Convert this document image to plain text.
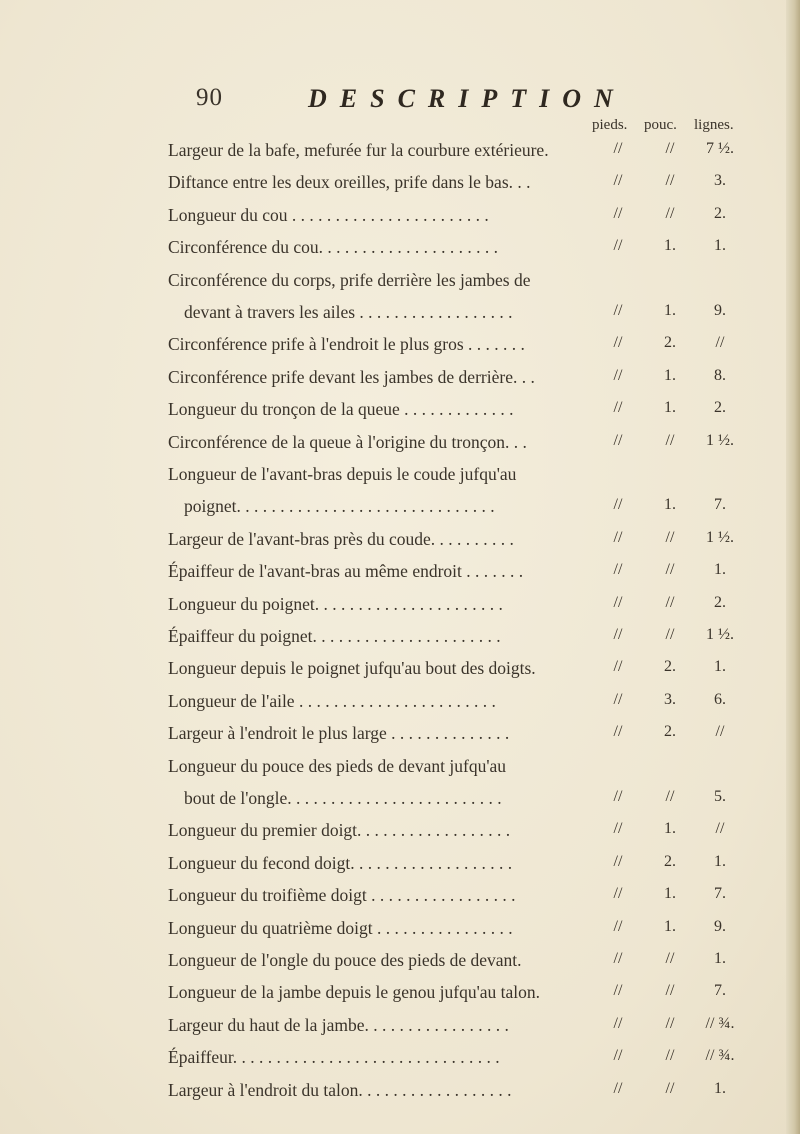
90	DESCRIPTION
pieds. pouc. lignes.
Largeur de la bafe, mefurée fur la courbure extérieure.	//	//	7 ½.
Diftance entre les deux oreilles, prife dans le bas. . .	//	//	3.
Longueur du cou . . . . . . . . . . . . . . . . . . . . . . .	//	//	2.
Circonférence du cou. . . . . . . . . . . . . . . . . . . . .	//	1.	1.
Circonférence du corps, prife derrière les jambes de
devant à travers les ailes . . . . . . . . . . . . . . . . . .	//	1.	9.
Circonférence prife à l'endroit le plus gros . . . . . . .	//	2.	//
Circonférence prife devant les jambes de derrière. . .	//	1.	8.
Longueur du tronçon de la queue . . . . . . . . . . . . .	//	1.	2.
Circonférence de la queue à l'origine du tronçon. . .	//	//	1 ½.
Longueur de l'avant-bras depuis le coude jufqu'au
poignet. . . . . . . . . . . . . . . . . . . . . . . . . . . . . .	//	1.	7.
Largeur de l'avant-bras près du coude. . . . . . . . . .	//	//	1 ½.
Épaiffeur de l'avant-bras au même endroit . . . . . . .	//	//	1.
Longueur du poignet. . . . . . . . . . . . . . . . . . . . . .	//	//	2.
Épaiffeur du poignet. . . . . . . . . . . . . . . . . . . . . .	//	//	1 ½.
Longueur depuis le poignet jufqu'au bout des doigts.	//	2.	1.
Longueur de l'aile . . . . . . . . . . . . . . . . . . . . . . .	//	3.	6.
Largeur à l'endroit le plus large . . . . . . . . . . . . . .	//	2.	//
Longueur du pouce des pieds de devant jufqu'au
bout de l'ongle. . . . . . . . . . . . . . . . . . . . . . . . .	//	//	5.
Longueur du premier doigt. . . . . . . . . . . . . . . . . .	//	1.	//
Longueur du fecond doigt. . . . . . . . . . . . . . . . . . .	//	2.	1.
Longueur du troifième doigt . . . . . . . . . . . . . . . . .	//	1.	7.
Longueur du quatrième doigt . . . . . . . . . . . . . . . .	//	1.	9.
Longueur de l'ongle du pouce des pieds de devant.	//	//	1.
Longueur de la jambe depuis le genou jufqu'au talon.	//	//	7.
Largeur du haut de la jambe. . . . . . . . . . . . . . . . .	//	//	// ¾.
Épaiffeur. . . . . . . . . . . . . . . . . . . . . . . . . . . . . . .	//	//	// ¾.
Largeur à l'endroit du talon. . . . . . . . . . . . . . . . . .	//	//	1.
